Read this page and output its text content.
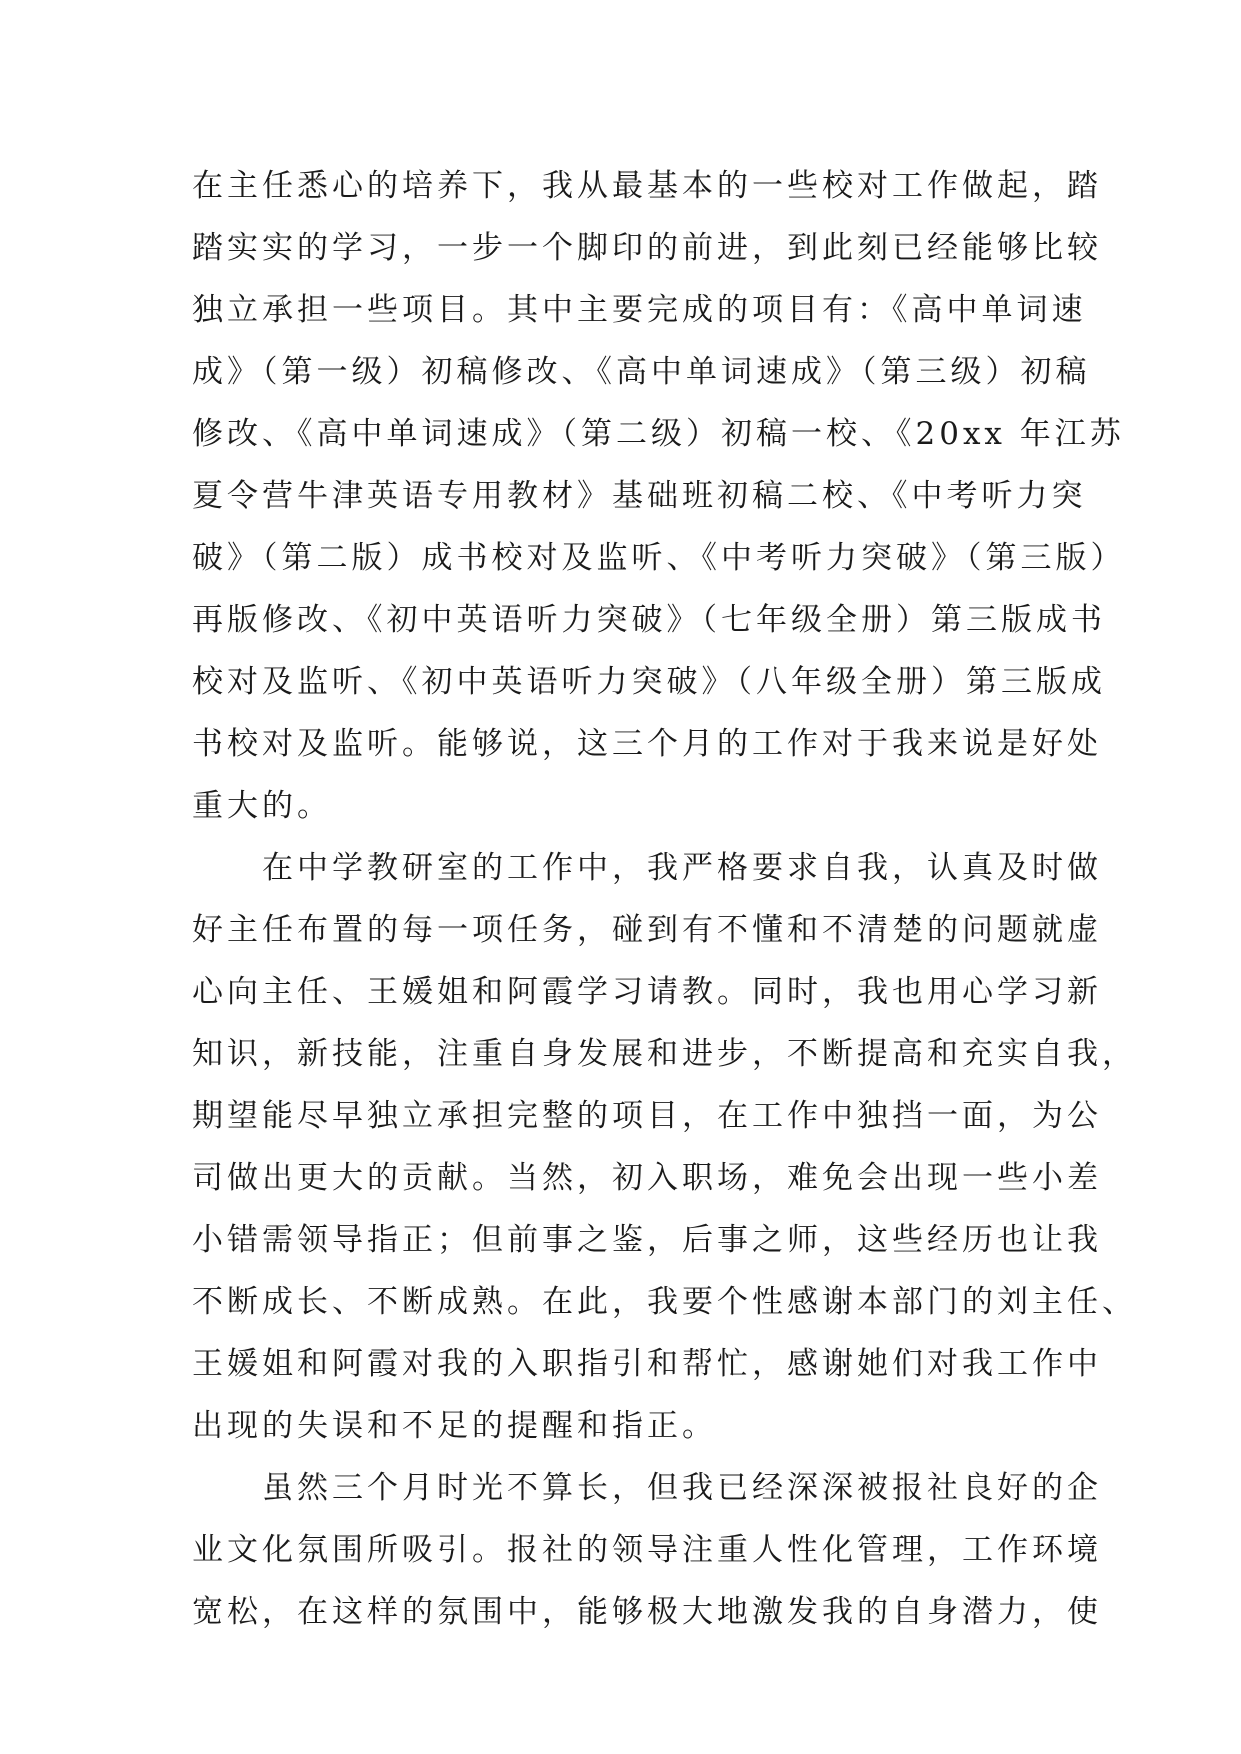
在主任悉心的培养下，我从最基本的一些校对工作做起，踏
踏实实的学习，一步一个脚印的前进，到此刻已经能够比较
独立承担一些项目。其中主要完成的项目有：《高中单词速
成》（第一级）初稿修改、《高中单词速成》（第三级）初稿
修改、《高中单词速成》（第二级）初稿一校、《20xx 年江苏
夏令营牛津英语专用教材》基础班初稿二校、《中考听力突
破》（第二版）成书校对及监听、《中考听力突破》（第三版）
再版修改、《初中英语听力突破》（七年级全册）第三版成书
校对及监听、《初中英语听力突破》（八年级全册）第三版成
书校对及监听。能够说，这三个月的工作对于我来说是好处
重大的。
　　在中学教研室的工作中，我严格要求自我，认真及时做
好主任布置的每一项任务，碰到有不懂和不清楚的问题就虚
心向主任、王媛姐和阿霞学习请教。同时，我也用心学习新
知识，新技能，注重自身发展和进步，不断提高和充实自我，
期望能尽早独立承担完整的项目，在工作中独挡一面，为公
司做出更大的贡献。当然，初入职场，难免会出现一些小差
小错需领导指正；但前事之鉴，后事之师，这些经历也让我
不断成长、不断成熟。在此，我要个性感谢本部门的刘主任、
王媛姐和阿霞对我的入职指引和帮忙，感谢她们对我工作中
出现的失误和不足的提醒和指正。
　　虽然三个月时光不算长，但我已经深深被报社良好的企
业文化氛围所吸引。报社的领导注重人性化管理，工作环境
宽松，在这样的氛围中，能够极大地激发我的自身潜力，使
